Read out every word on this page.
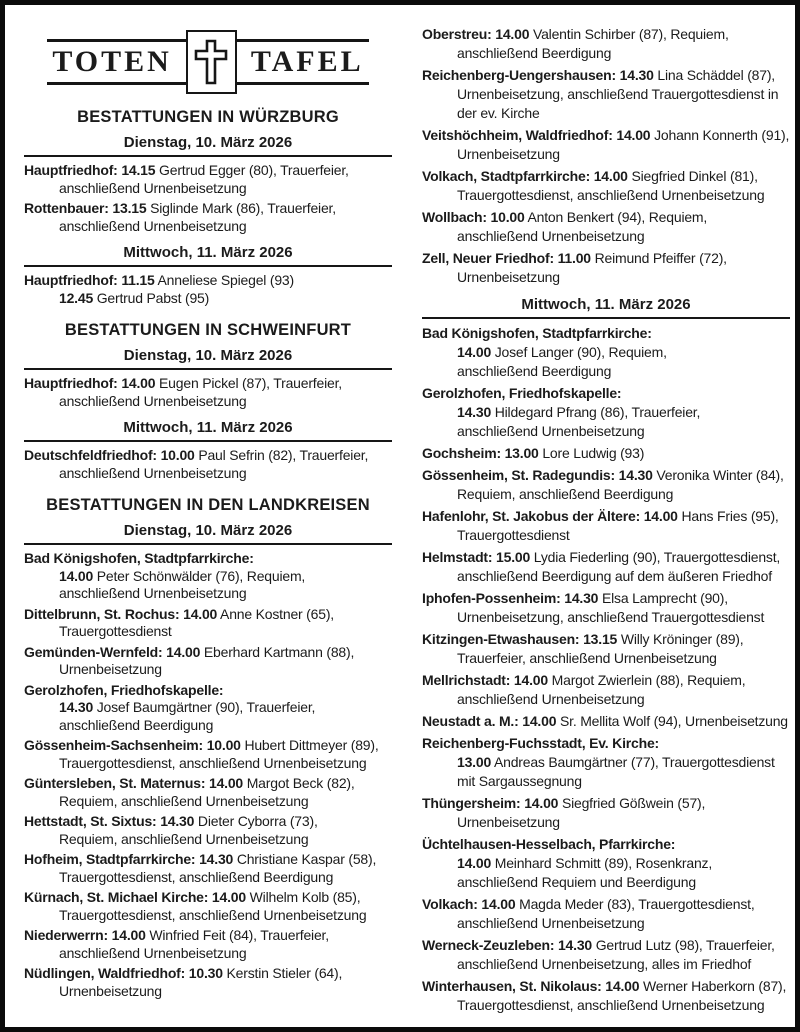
TOTEN	TAFEL
BESTATTUNGEN IN WÜRZBURG
Dienstag, 10. März 2026
Hauptfriedhof: 14.15 Gertrud Egger (80), Trauerfeier,
anschließend Urnenbeisetzung
Rottenbauer: 13.15 Siglinde Mark (86), Trauerfeier,
anschließend Urnenbeisetzung
Mittwoch, 11. März 2026
Hauptfriedhof: 11.15 Anneliese Spiegel (93)
12.45 Gertrud Pabst (95)
BESTATTUNGEN IN SCHWEINFURT
Dienstag, 10. März 2026
Hauptfriedhof: 14.00 Eugen Pickel (87), Trauerfeier,
anschließend Urnenbeisetzung
Mittwoch, 11. März 2026
Deutschfeldfriedhof: 10.00 Paul Sefrin (82), Trauerfeier,
anschließend Urnenbeisetzung
BESTATTUNGEN IN DEN LANDKREISEN
Dienstag, 10. März 2026
Bad Königshofen, Stadtpfarrkirche:
14.00 Peter Schönwälder (76), Requiem,
anschließend Urnenbeisetzung
Dittelbrunn, St. Rochus: 14.00 Anne Kostner (65),
Trauergottesdienst
Gemünden-Wernfeld: 14.00 Eberhard Kartmann (88),
Urnenbeisetzung
Gerolzhofen, Friedhofskapelle:
14.30 Josef Baumgärtner (90), Trauerfeier,
anschließend Beerdigung
Gössenheim-Sachsenheim: 10.00 Hubert Dittmeyer (89),
Trauergottesdienst, anschließend Urnenbeisetzung
Güntersleben, St. Maternus: 14.00 Margot Beck (82),
Requiem, anschließend Urnenbeisetzung
Hettstadt, St. Sixtus: 14.30 Dieter Cyborra (73),
Requiem, anschließend Urnenbeisetzung
Hofheim, Stadtpfarrkirche: 14.30 Christiane Kaspar (58),
Trauergottesdienst, anschließend Beerdigung
Kürnach, St. Michael Kirche: 14.00 Wilhelm Kolb (85),
Trauergottesdienst, anschließend Urnenbeisetzung
Niederwerrn: 14.00 Winfried Feit (84), Trauerfeier,
anschließend Urnenbeisetzung
Nüdlingen, Waldfriedhof: 10.30 Kerstin Stieler (64),
Urnenbeisetzung
Oberstreu: 14.00 Valentin Schirber (87), Requiem,
anschließend Beerdigung
Reichenberg-Uengershausen: 14.30 Lina Schäddel (87),
Urnenbeisetzung, anschließend Trauergottesdienst in
der ev. Kirche
Veitshöchheim, Waldfriedhof: 14.00 Johann Konnerth (91),
Urnenbeisetzung
Volkach, Stadtpfarrkirche: 14.00 Siegfried Dinkel (81),
Trauergottesdienst, anschließend Urnenbeisetzung
Wollbach: 10.00 Anton Benkert (94), Requiem,
anschließend Urnenbeisetzung
Zell, Neuer Friedhof: 11.00 Reimund Pfeiffer (72),
Urnenbeisetzung
Mittwoch, 11. März 2026
Bad Königshofen, Stadtpfarrkirche:
14.00 Josef Langer (90), Requiem,
anschließend Beerdigung
Gerolzhofen, Friedhofskapelle:
14.30 Hildegard Pfrang (86), Trauerfeier,
anschließend Urnenbeisetzung
Gochsheim: 13.00 Lore Ludwig (93)
Gössenheim, St. Radegundis: 14.30 Veronika Winter (84),
Requiem, anschließend Beerdigung
Hafenlohr, St. Jakobus der Ältere: 14.00 Hans Fries (95),
Trauergottesdienst
Helmstadt: 15.00 Lydia Fiederling (90), Trauergottesdienst,
anschließend Beerdigung auf dem äußeren Friedhof
Iphofen-Possenheim: 14.30 Elsa Lamprecht (90),
Urnenbeisetzung, anschließend Trauergottesdienst
Kitzingen-Etwashausen: 13.15 Willy Kröninger (89),
Trauerfeier, anschließend Urnenbeisetzung
Mellrichstadt: 14.00 Margot Zwierlein (88), Requiem,
anschließend Urnenbeisetzung
Neustadt a. M.: 14.00 Sr. Mellita Wolf (94), Urnenbeisetzung
Reichenberg-Fuchsstadt, Ev. Kirche:
13.00 Andreas Baumgärtner (77), Trauergottesdienst
mit Sargaussegnung
Thüngersheim: 14.00 Siegfried Gößwein (57),
Urnenbeisetzung
Üchtelhausen-Hesselbach, Pfarrkirche:
14.00 Meinhard Schmitt (89), Rosenkranz,
anschließend Requiem und Beerdigung
Volkach: 14.00 Magda Meder (83), Trauergottesdienst,
anschließend Urnenbeisetzung
Werneck-Zeuzleben: 14.30 Gertrud Lutz (98), Trauerfeier,
anschließend Urnenbeisetzung, alles im Friedhof
Winterhausen, St. Nikolaus: 14.00 Werner Haberkorn (87),
Trauergottesdienst, anschließend Urnenbeisetzung
